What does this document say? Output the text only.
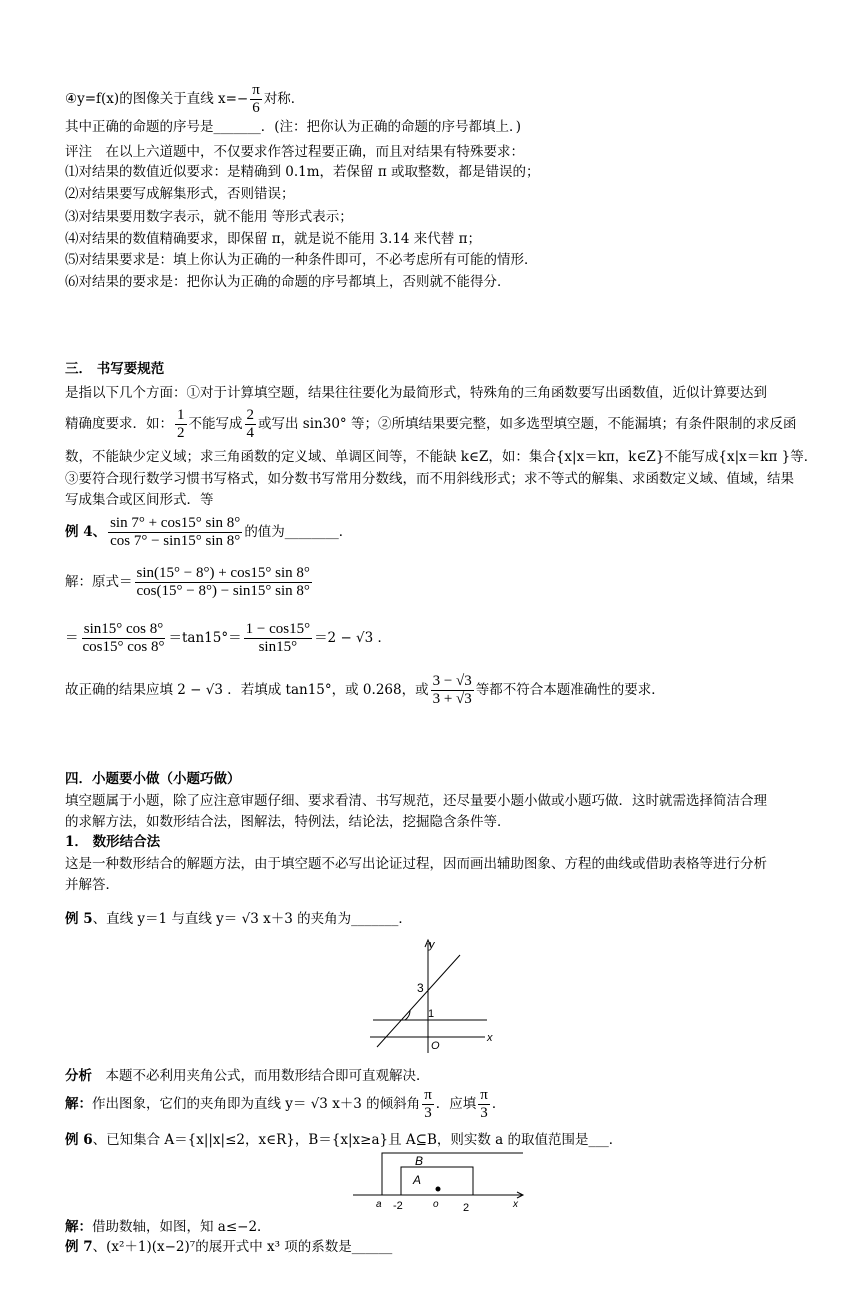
④y=f(x)的图像关于直线 $x=- \frac{\pi}{6}$ 对称．
其中正确的命题的序号是_______．(注：把你认为正确的命题的序号都填上．)
评注　在以上六道题中，不仅要求作答过程要正确，而且对结果有特殊要求：
⑴对结果的数值近似要求：是精确到 0.1m，若保留 π 或取整数，都是错误的；
⑵对结果要写成解集形式，否则错误；
⑶对结果要用数字表示，就不能用 等形式表示；
⑷对结果的数值精确要求，即保留 π，就是说不能用 3.14 来代替 π；
⑸对结果要求是：填上你认为正确的一种条件即可，不必考虑所有可能的情形．
⑹对结果的要求是：把你认为正确的命题的序号都填上，否则就不能得分．
三． 书写要规范
是指以下几个方面：①对于计算填空题，结果往往要化为最简形式，特殊角的三角函数要写出函数值，近似计算要达到
精确度要求．如： $\frac{1}{2}$ 不能写成 $\frac{2}{4}$ 或写出 sin30° 等；②所填结果要完整，如多选型填空题，不能漏填；有条件限制的求反函
数，不能缺少定义域；求三角函数的定义域、单调区间等，不能缺 k∈Z，如：集合{x|x＝kπ，k∈Z}不能写成{x|x＝kπ }等．
③要符合现行数学习惯书写格式，如分数书写常用分数线，而不用斜线形式；求不等式的解集、求函数定义域、值域，结果
写成集合或区间形式．等
例 4、 $\frac{\sin 7^\circ + \cos 15^\circ \sin 8^\circ}{\cos 7^\circ - \sin 15^\circ \sin 8^\circ}$ 的值为________．
解：原式＝ $\frac{\sin(15^\circ - 8^\circ) + \cos 15^\circ \sin 8^\circ}{\cos(15^\circ - 8^\circ) - \sin 15^\circ \sin 8^\circ}$
＝ $\frac{\sin 15^\circ \cos 8^\circ}{\cos 15^\circ \cos 8^\circ} =\tan 15^\circ= \frac{1 - \cos 15^\circ}{\sin 15^\circ} =2 - √3$ ．
故正确的结果应填 2 − √3 ．若填成 tan15°，或 0.268，或 $\frac{3 - √3}{3 + √3}$ 等都不符合本题准确性的要求．
四．小题要小做（小题巧做）
填空题属于小题，除了应注意审题仔细、要求看清、书写规范，还尽量要小题小做或小题巧做．这时就需选择简洁合理
的求解方法，如数形结合法，图解法，特例法，结论法，挖掘隐含条件等．
1． 数形结合法
这是一种数形结合的解题方法，由于填空题不必写出论证过程，因而画出辅助图象、方程的曲线或借助表格等进行分析
并解答．
例 5、直线 y＝1 与直线 y＝ √3 x＋3 的夹角为_______．
y
x
O
3
1
分析  本题不必利用夹角公式，而用数形结合即可直观解决．
解：作出图象，它们的夹角即为直线 y＝ √3 x＋3 的倾斜角 $\frac{\pi}{3}$ ．应填 $\frac{\pi}{3}$ ．
例 6、已知集合 A＝{x||x|≤2，x∈R}，B＝{x|x≥a}且 A⊆B，则实数 a 的取值范围是___．
B
A
a -2	o 2	x
解：借助数轴，如图，知 a≤−2．
例 7、(x²＋1)(x−2)⁷的展开式中 x³ 项的系数是______
